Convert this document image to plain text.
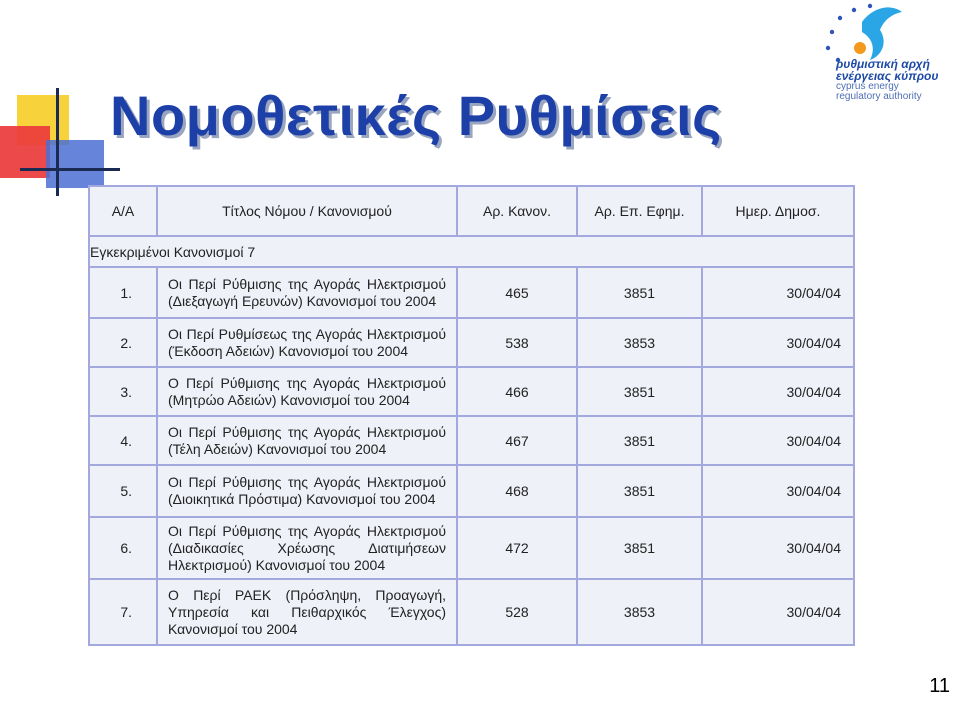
Νομοθετικές Ρυθμίσεις
ρυθμιστική αρχή
ενέργειας κύπρου
cyprus energy
regulatory authority
Α/Α	Τίτλος Νόμου / Κανονισμού	Αρ. Κανον.	Αρ. Επ. Εφημ.	Ημερ. Δημοσ.
Εγκεκριμένοι Κανονισμοί 7				
1.	Οι Περί Ρύθμισης της Αγοράς Ηλεκτρισμού (Διεξαγωγή Ερευνών) Κανονισμοί του 2004	465	3851	30/04/04
2.	Οι Περί Ρυθμίσεως της Αγοράς Ηλεκτρισμού (Έκδοση Αδειών) Κανονισμοί του 2004	538	3853	30/04/04
3.	Ο Περί Ρύθμισης της Αγοράς Ηλεκτρισμού (Μητρώο Αδειών) Κανονισμοί του 2004	466	3851	30/04/04
4.	Οι Περί Ρύθμισης της Αγοράς Ηλεκτρισμού (Τέλη Αδειών) Κανονισμοί του 2004	467	3851	30/04/04
5.	Οι Περί Ρύθμισης της Αγοράς Ηλεκτρισμού (Διοικητικά Πρόστιμα) Κανονισμοί του 2004	468	3851	30/04/04
6.	Οι Περί Ρύθμισης της Αγοράς Ηλεκτρισμού (Διαδικασίες Χρέωσης Διατιμήσεων Ηλεκτρισμού) Κανονισμοί του 2004	472	3851	30/04/04
7.	Ο Περί ΡΑΕΚ (Πρόσληψη, Προαγωγή, Υπηρεσία και Πειθαρχικός Έλεγχος) Κανονισμοί του 2004	528	3853	30/04/04
11
